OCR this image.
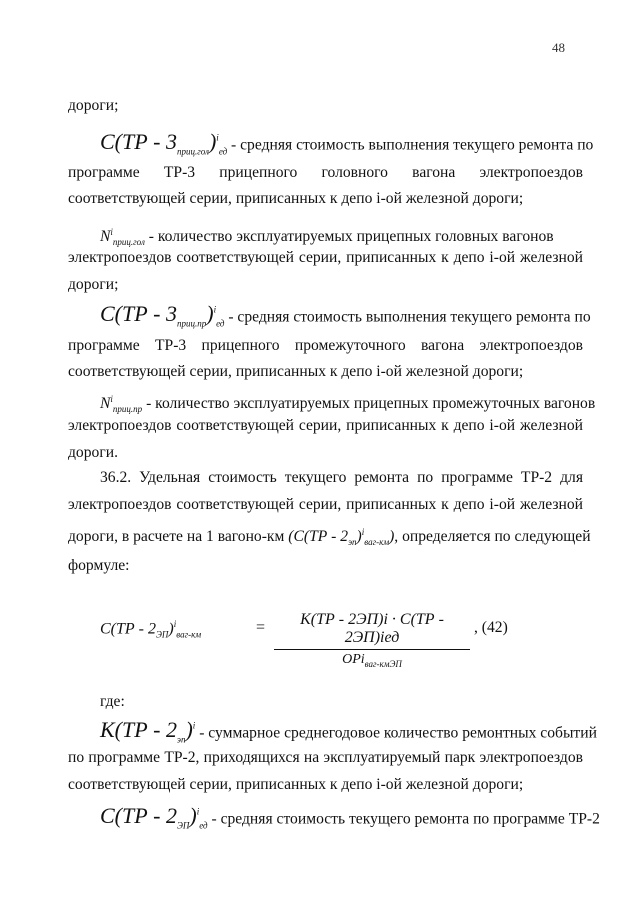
48
дороги;
$C(ТР - 3_{приц.гол})^i_{ед}$ - средняя стоимость выполнения текущего ремонта по
программе ТР-3 прицепного головного вагона электропоездов
соответствующей серии, приписанных к депо i-ой железной дороги;
$N^i_{приц.гол}$ - количество эксплуатируемых прицепных головных вагонов
электропоездов соответствующей серии, приписанных к депо i-ой железной
дороги;
$C(ТР - 3_{приц.пр})^i_{ед}$ - средняя стоимость выполнения текущего ремонта по
программе ТР-3 прицепного промежуточного вагона электропоездов
соответствующей серии, приписанных к депо i-ой железной дороги;
$N^i_{приц.пр}$ - количество эксплуатируемых прицепных промежуточных вагонов
электропоездов соответствующей серии, приписанных к депо i-ой железной
дороги.
36.2. Удельная стоимость текущего ремонта по программе ТР-2 для
электропоездов соответствующей серии, приписанных к депо i-ой железной
дороги, в расчете на 1 вагоно-км $(C(ТР - 2_{эп})^i_{ваг-км})$, определяется по следующей
формуле:
$C(ТР - 2_{ЭП})^i_{ваг-км}$	=	K(ТР - 2ЭП)i · C(ТР - 2ЭП)iед
OPi$_{ваг-кмЭП}$
, (42)
где:
$K(ТР - 2_{эп})^i$ - суммарное среднегодовое количество ремонтных событий
по программе ТР-2, приходящихся на эксплуатируемый парк электропоездов
соответствующей серии, приписанных к депо i-ой железной дороги;
$C(ТР - 2_{ЭП})^i_{ед}$ - средняя стоимость текущего ремонта по программе ТР-2
